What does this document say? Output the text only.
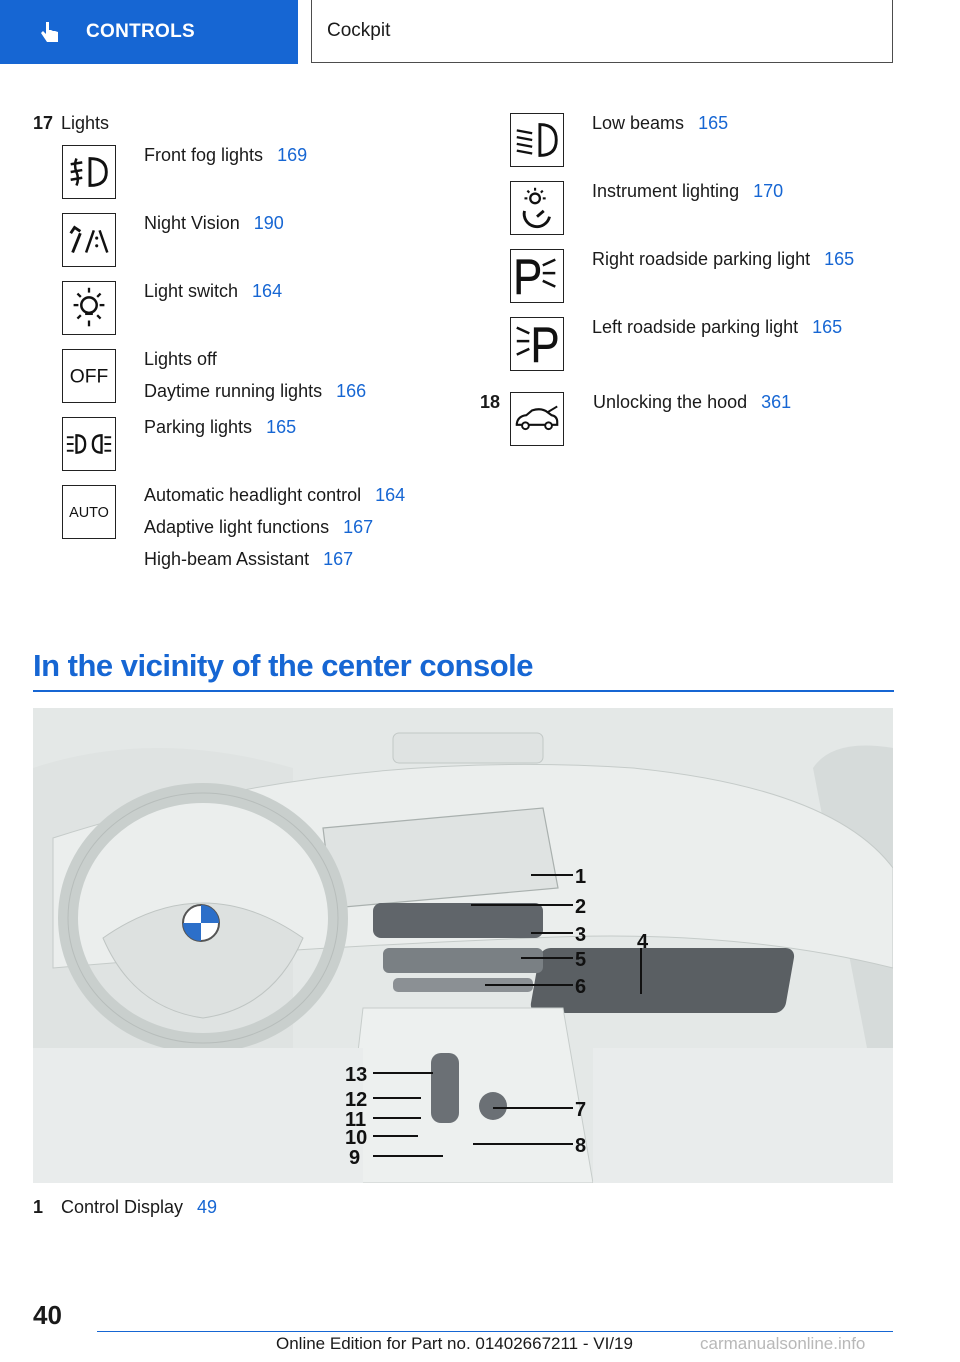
CONTROLS	Cockpit
17 Lights
OFF
AUTO
Front fog lights 169
Night Vision 190
Light switch 164
Lights off
Daytime running lights 166
Parking lights 165
Automatic headlight control 164
Adaptive light functions 167
High-beam Assistant 167
Low beams 165
Instrument lighting 170
Right roadside parking light 165
Left roadside parking light 165
18	Unlocking the hood 361
In the vicinity of the center console
1
2
3	4
5
6
7
8
9
10
11
12
13
1 Control Display 49
40
Online Edition for Part no. 01402667211 - VI/19	carmanualsonline.info
